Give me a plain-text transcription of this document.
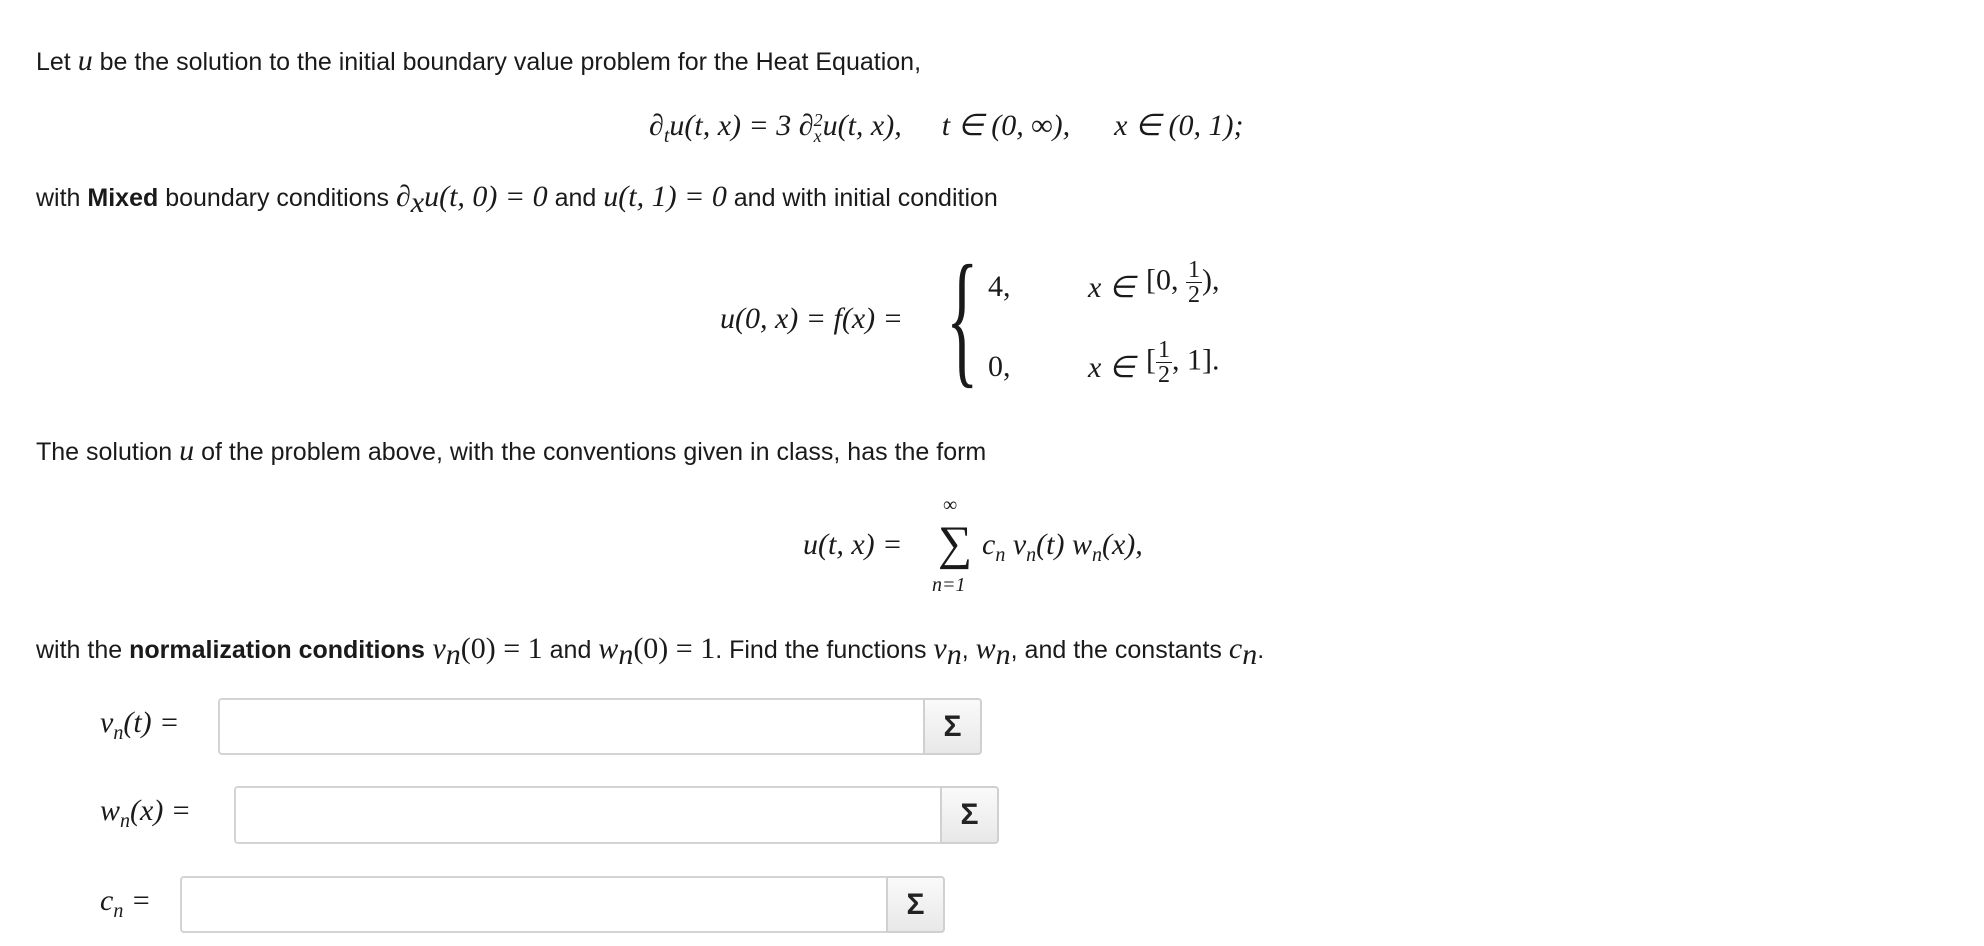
Let u be the solution to the initial boundary value problem for the Heat Equation,
$\partial_tu(t$, x) = 3 ∂ 2
x u(t, x), t ∈ (0, ∞), x ∈ (0, 1);
with Mixed boundary conditions $\partial_xu(t$, 0) = 0 and u(t, 1) = 0 and with initial condition
u(0, x) = f(x) = { 4,	x ∈ [0, $\frac{1}{2}$ ),
0,	x ∈ [ $\frac{1}{2}$ , 1].
The solution u of the problem above, with the conventions given in class, has the form
u(t, x) = ∑
∞
n=1
$c_n$ $v_n(t)$ $w_n(x)$,
with the normalization conditions $v_n(0) = 1$ and $w_n(0) = 1$. Find the functions $v_n$, $w_n$, and the constants $c_n$.
$v_n(t)$ =	Σ
$w_n(x)$ =	Σ
$c_n$ =	Σ
